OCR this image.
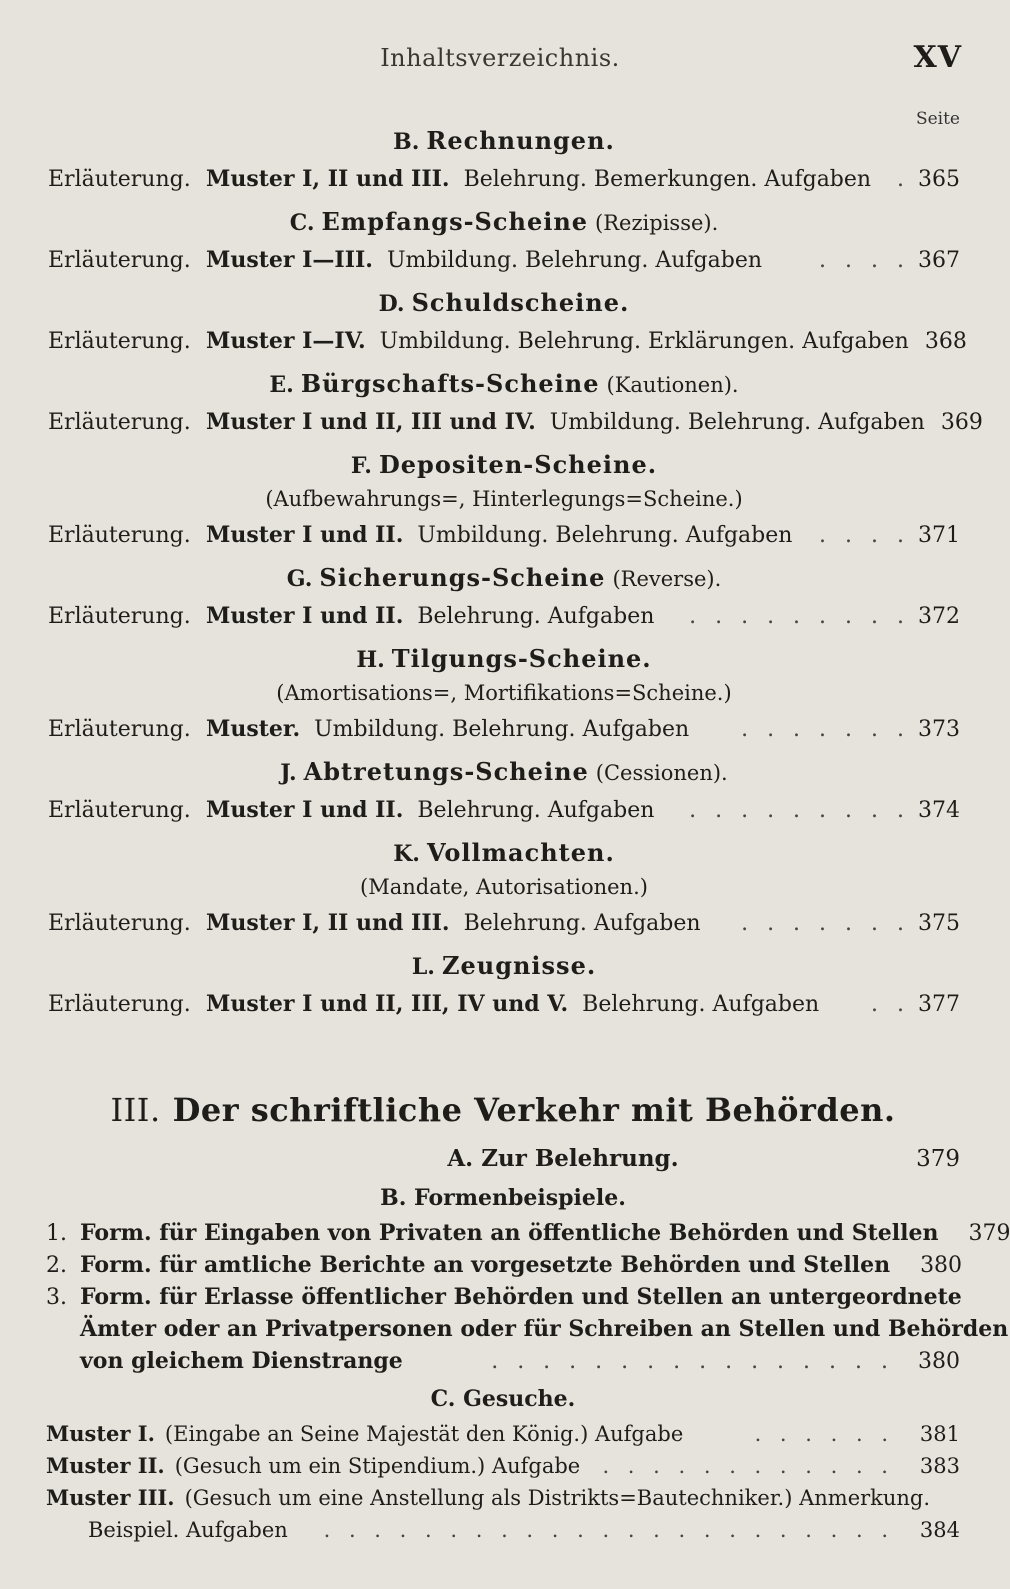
Inhaltsverzeichnis.	XV
Seite
B. Rechnungen.
Erläuterung. Muster I, II und III. Belehrung. Bemerkungen. Aufgaben	. 365
C. Empfangs-Scheine (Rezipisse).
Erläuterung. Muster I—III. Umbildung. Belehrung. Aufgaben	. . . . 367
D. Schuldscheine.
Erläuterung. Muster I—IV. Umbildung. Belehrung. Erklärungen. Aufgaben 368
E. Bürgschafts-Scheine (Kautionen).
Erläuterung. Muster I und II, III und IV. Umbildung. Belehrung. Aufgaben 369
F. Depositen-Scheine.
(Aufbewahrungs=, Hinterlegungs=Scheine.)
Erläuterung. Muster I und II. Umbildung. Belehrung. Aufgaben	. . . . 371
G. Sicherungs-Scheine (Reverse).
Erläuterung. Muster I und II. Belehrung. Aufgaben	. . . . . . . . . 372
H. Tilgungs-Scheine.
(Amortisations=, Mortifikations=Scheine.)
Erläuterung. Muster. Umbildung. Belehrung. Aufgaben	. . . . . . . 373
J. Abtretungs-Scheine (Cessionen).
Erläuterung. Muster I und II. Belehrung. Aufgaben	. . . . . . . . . 374
K. Vollmachten.
(Mandate, Autorisationen.)
Erläuterung. Muster I, II und III. Belehrung. Aufgaben	. . . . . . . 375
L. Zeugnisse.
Erläuterung. Muster I und II, III, IV und V. Belehrung. Aufgaben	. . 377
III. Der schriftliche Verkehr mit Behörden.
A. Zur Belehrung.	379
B. Formenbeispiele.
1. Form. für Eingaben von Privaten an öffentliche Behörden und Stellen	379
2. Form. für amtliche Berichte an vorgesetzte Behörden und Stellen	380
3. Form. für Erlasse öffentlicher Behörden und Stellen an untergeordnete
Ämter oder an Privatpersonen oder für Schreiben an Stellen und Behörden
von gleichem Dienstrange	. . . . . . . . . . . . . . . .	380
C. Gesuche.
Muster I. (Eingabe an Seine Majestät den König.) Aufgabe	. . . . . .	381
Muster II. (Gesuch um ein Stipendium.) Aufgabe	. . . . . . . . . . . .	383
Muster III. (Gesuch um eine Anstellung als Distrikts=Bautechniker.) Anmerkung.
Beispiel. Aufgaben	. . . . . . . . . . . . . . . . . . . . . . .	384
